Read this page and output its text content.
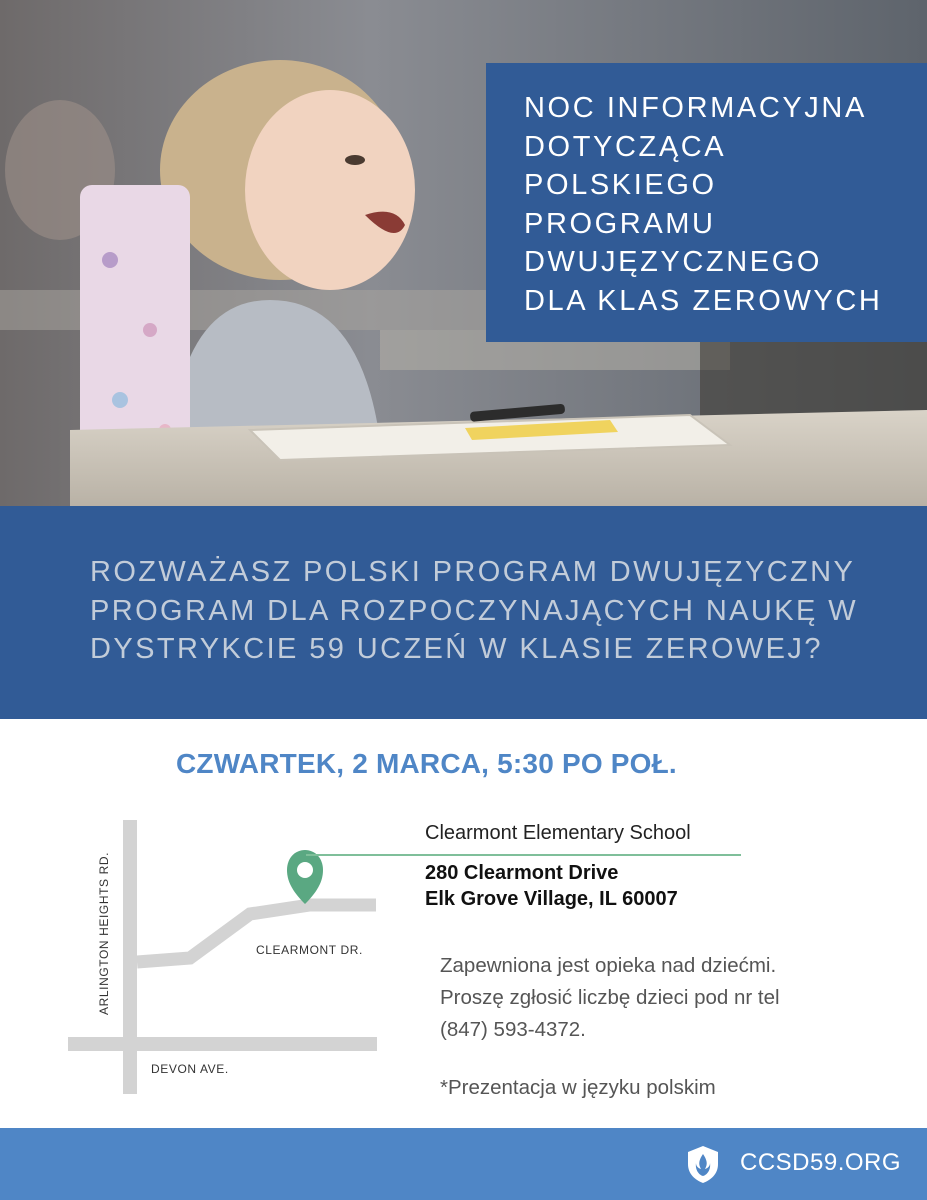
NOC INFORMACYJNA
DOTYCZĄCA
POLSKIEGO
PROGRAMU
DWUJĘZYCZNEGO
DLA KLAS ZEROWYCH
ROZWAŻASZ POLSKI PROGRAM DWUJĘZYCZNY
PROGRAM DLA ROZPOCZYNAJĄCYCH NAUKĘ W
DYSTRYKCIE 59 UCZEŃ W KLASIE ZEROWEJ?
CZWARTEK, 2 MARCA, 5:30 PO POŁ.
CLEARMONT DR.
DEVON AVE.
ARLINGTON HEIGHTS RD.
Clearmont Elementary School
280 Clearmont Drive
Elk Grove Village, IL 60007
Zapewniona jest opieka nad dziećmi.
Proszę zgłosić liczbę dzieci pod nr tel
(847) 593-4372.
*Prezentacja w języku polskim
CCSD59.ORG
